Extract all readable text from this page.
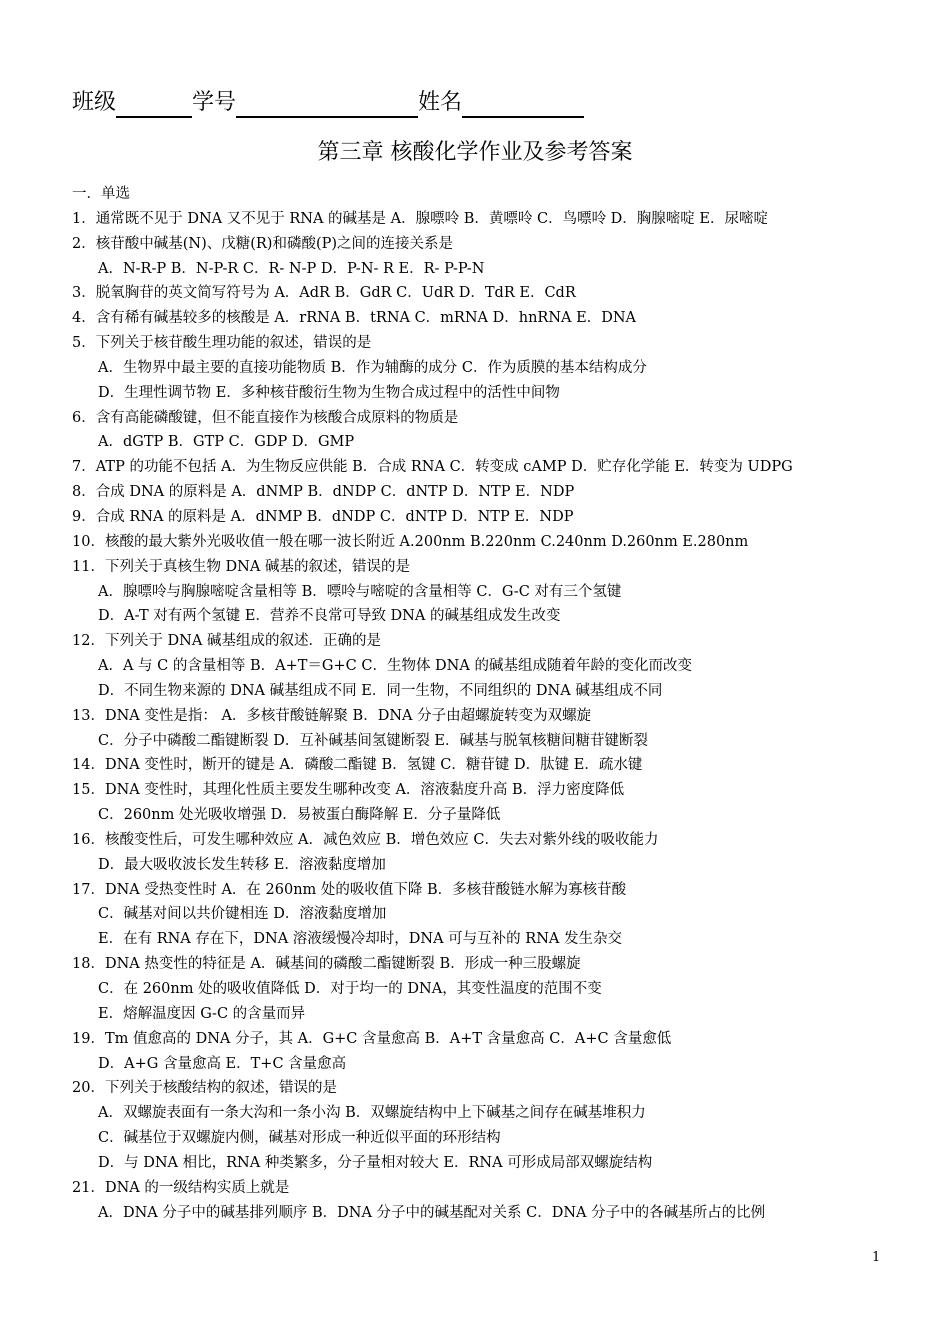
班级	学号	姓名
第三章 核酸化学作业及参考答案
一．单选
1．通常既不见于 DNA 又不见于 RNA 的碱基是 A．腺嘌呤 B．黄嘌呤 C．鸟嘌呤 D．胸腺嘧啶 E．尿嘧啶
2．核苷酸中碱基(N)、戊糖(R)和磷酸(P)之间的连接关系是
A．N-R-P B．N-P-R C．R- N-P D．P-N- R E．R- P-P-N
3．脱氧胸苷的英文简写符号为 A．AdR B．GdR C．UdR D．TdR E．CdR
4．含有稀有碱基较多的核酸是 A．rRNA B．tRNA C．mRNA D．hnRNA E．DNA
5．下列关于核苷酸生理功能的叙述，错误的是
A．生物界中最主要的直接功能物质 B．作为辅酶的成分 C．作为质膜的基本结构成分
D．生理性调节物 E．多种核苷酸衍生物为生物合成过程中的活性中间物
6．含有高能磷酸键，但不能直接作为核酸合成原料的物质是
A．dGTP B．GTP C．GDP D．GMP
7．ATP 的功能不包括 A．为生物反应供能 B．合成 RNA C．转变成 cAMP D．贮存化学能 E．转变为 UDPG
8．合成 DNA 的原料是 A．dNMP B．dNDP C．dNTP D．NTP E．NDP
9．合成 RNA 的原料是 A．dNMP B．dNDP C．dNTP D．NTP E．NDP
10．核酸的最大紫外光吸收值一般在哪一波长附近 A.200nm B.220nm C.240nm D.260nm E.280nm
11．下列关于真核生物 DNA 碱基的叙述，错误的是
A．腺嘌呤与胸腺嘧啶含量相等 B．嘌呤与嘧啶的含量相等 C．G-C 对有三个氢键
D．A-T 对有两个氢键 E．营养不良常可导致 DNA 的碱基组成发生改变
12．下列关于 DNA 碱基组成的叙述．正确的是
A．A 与 C 的含量相等 B．A+T＝G+C C．生物体 DNA 的碱基组成随着年龄的变化而改变
D．不同生物来源的 DNA 碱基组成不同 E．同一生物，不同组织的 DNA 碱基组成不同
13．DNA 变性是指： A．多核苷酸链解聚 B．DNA 分子由超螺旋转变为双螺旋
C．分子中磷酸二酯键断裂 D．互补碱基间氢键断裂 E．碱基与脱氧核糖间糖苷键断裂
14．DNA 变性时，断开的键是 A．磷酸二酯键 B．氢键 C．糖苷键 D．肽键 E．疏水键
15．DNA 变性时，其理化性质主要发生哪种改变 A．溶液黏度升高 B．浮力密度降低
C．260nm 处光吸收增强 D．易被蛋白酶降解 E．分子量降低
16．核酸变性后，可发生哪种效应 A．减色效应 B．增色效应 C．失去对紫外线的吸收能力
D．最大吸收波长发生转移 E．溶液黏度增加
17．DNA 受热变性时 A．在 260nm 处的吸收值下降 B．多核苷酸链水解为寡核苷酸
C．碱基对间以共价键相连 D．溶液黏度增加
E．在有 RNA 存在下，DNA 溶液缓慢冷却时，DNA 可与互补的 RNA 发生杂交
18．DNA 热变性的特征是 A．碱基间的磷酸二酯键断裂 B．形成一种三股螺旋
C．在 260nm 处的吸收值降低 D．对于均一的 DNA，其变性温度的范围不变
E．熔解温度因 G-C 的含量而异
19．Tm 值愈高的 DNA 分子，其 A．G+C 含量愈高 B．A+T 含量愈高 C．A+C 含量愈低
D．A+G 含量愈高 E．T+C 含量愈高
20．下列关于核酸结构的叙述，错误的是
A．双螺旋表面有一条大沟和一条小沟 B．双螺旋结构中上下碱基之间存在碱基堆积力
C．碱基位于双螺旋内侧，碱基对形成一种近似平面的环形结构
D．与 DNA 相比，RNA 种类繁多，分子量相对较大 E．RNA 可形成局部双螺旋结构
21．DNA 的一级结构实质上就是
A．DNA 分子中的碱基排列顺序 B．DNA 分子中的碱基配对关系 C．DNA 分子中的各碱基所占的比例
1
